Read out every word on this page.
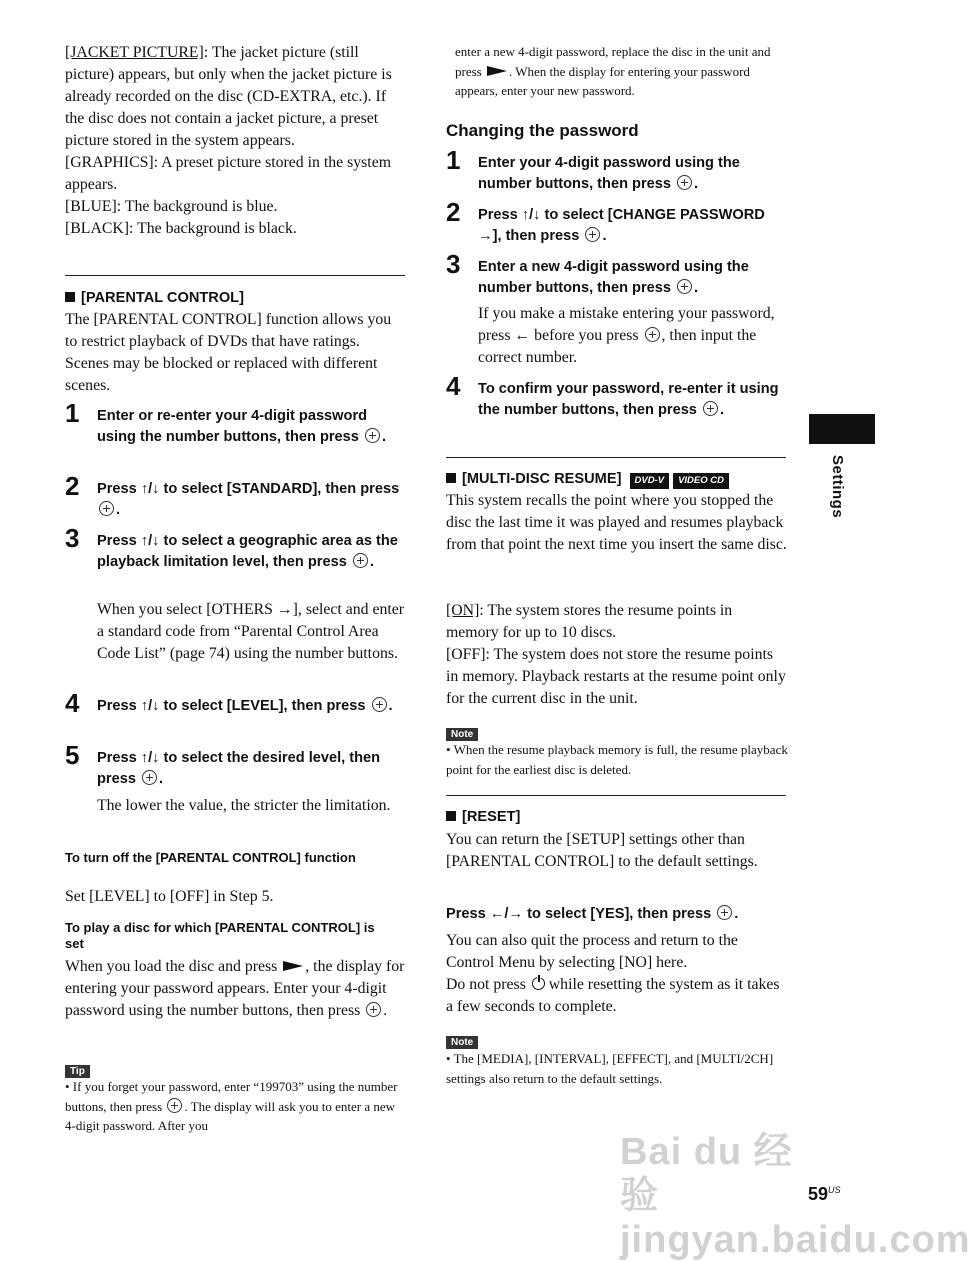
[JACKET PICTURE]: The jacket picture (still picture) appears, but only when the jacket picture is already recorded on the disc (CD-EXTRA, etc.). If the disc does not contain a jacket picture, a preset picture stored in the system appears.

[GRAPHICS]: A preset picture stored in the system appears.

[BLUE]: The background is blue.

[BLACK]: The background is black.

[PARENTAL CONTROL]
The [PARENTAL CONTROL] function allows you to restrict playback of DVDs that have ratings. Scenes may be blocked or replaced with different scenes.
1 Enter or re-enter your 4-digit password using the number buttons, then press .
2 Press ↑/↓ to select [STANDARD], then press .
3 Press ↑/↓ to select a geographic area as the playback limitation level, then press .
When you select [OTHERS →], select and enter a standard code from “Parental Control Area Code List” (page 74) using the number buttons.
4 Press ↑/↓ to select [LEVEL], then press .
5 Press ↑/↓ to select the desired level, then press .
The lower the value, the stricter the limitation.
To turn off the [PARENTAL CONTROL] function
Set [LEVEL] to [OFF] in Step 5.
To play a disc for which [PARENTAL CONTROL] is set
When you load the disc and press , the display for entering your password appears. Enter your 4-digit password using the number buttons, then press .
Tip
• If you forget your password, enter “199703” using the number buttons, then press . The display will ask you to enter a new 4-digit password. After you
enter a new 4-digit password, replace the disc in the unit and press . When the display for entering your password appears, enter your new password.
Changing the password
1 Enter your 4-digit password using the number buttons, then press .
2 Press ↑/↓ to select [CHANGE PASSWORD →], then press .
3 Enter a new 4-digit password using the number buttons, then press .
If you make a mistake entering your password, press ← before you press , then input the correct number.
4 To confirm your password, re-enter it using the number buttons, then press .
[MULTI-DISC RESUME] DVD-V VIDEO CD
This system recalls the point where you stopped the disc the last time it was played and resumes playback from that point the next time you insert the same disc.

[ON]: The system stores the resume points in memory for up to 10 discs.

[OFF]: The system does not store the resume points in memory. Playback restarts at the resume point only for the current disc in the unit.

Note
• When the resume playback memory is full, the resume playback point for the earliest disc is deleted.
[RESET]
You can return the [SETUP] settings other than [PARENTAL CONTROL] to the default settings.
Press ←/→ to select [YES], then press .
You can also quit the process and return to the Control Menu by selecting [NO] here.
Do not press while resetting the system as it takes a few seconds to complete.
Note
• The [MEDIA], [INTERVAL], [EFFECT], and [MULTI/2CH] settings also return to the default settings.
Settings
Bai du 经验 jingyan.baidu.com
$59^{US}$
